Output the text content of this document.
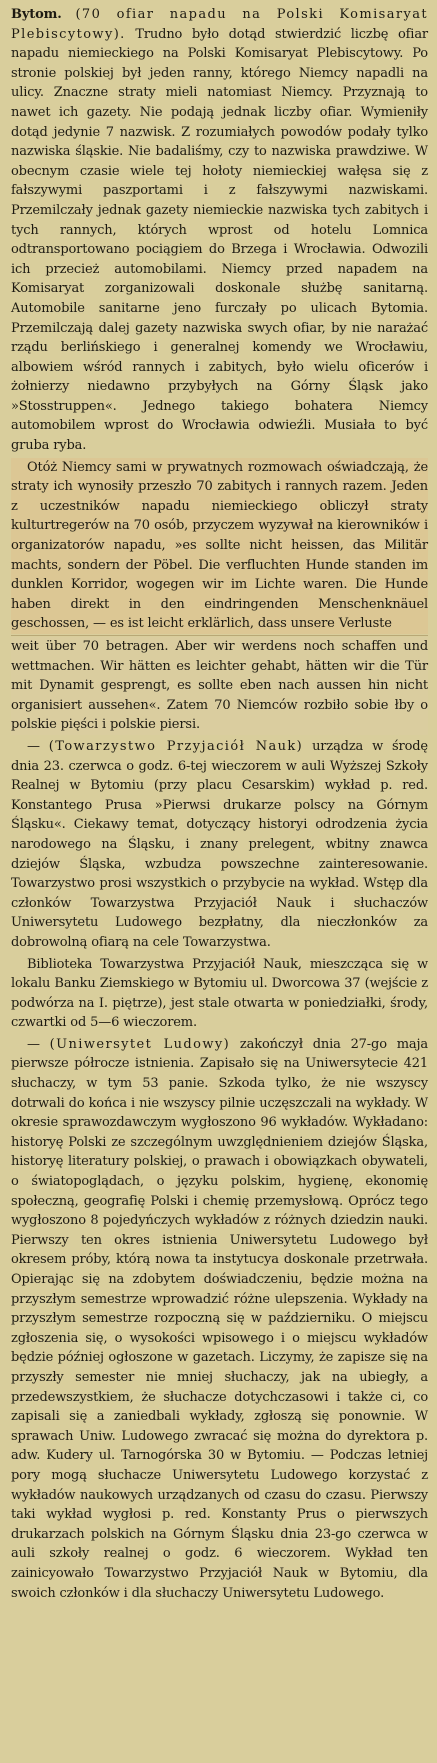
Bytom. (70 ofiar napadu na Polski Komisaryat Plebiscytowy). Trudno było dotąd stwierdzić liczbę ofiar napadu niemieckiego na Polski Komisaryat Plebiscytowy. Po stronie polskiej był jeden ranny, którego Niemcy napadli na ulicy. Znaczne straty mieli natomiast Niemcy. Przyznają to nawet ich gazety. Nie podają jednak liczby ofiar. Wymieniły dotąd jedynie 7 nazwisk. Z rozumiałych powodów podały tylko nazwiska śląskie. Nie badaliśmy, czy to nazwiska prawdziwe. W obecnym czasie wiele tej hołoty niemieckiej wałęsa się z fałszywymi paszportami i z fałszywymi nazwiskami. Przemilczały jednak gazety niemieckie nazwiska tych zabitych i tych rannych, których wprost od hotelu Lomnica odtransportowano pociągiem do Brzega i Wrocławia. Odwozili ich przecież automobilami. Niemcy przed napadem na Komisaryat zorganizowali doskonale służbę sanitarną. Automobile sanitarne jeno furczały po ulicach Bytomia. Przemilczają dalej gazety nazwiska swych ofiar, by nie narażać rządu berlińskiego i generalnej komendy we Wrocławiu, albowiem wśród rannych i zabitych, było wielu oficerów i żołnierzy niedawno przybyłych na Górny Śląsk jako »Stosstruppen«. Jednego takiego bohatera Niemcy automobilem wprost do Wrocławia odwieźli. Musiała to być gruba ryba.

Otóż Niemcy sami w prywatnych rozmowach oświadczają, że straty ich wynosiły przeszło 70 zabitych i rannych razem. Jeden z uczestników napadu niemieckiego obliczył straty kulturtregerów na 70 osób, przyczem wyzywał na kierowników i organizatorów napadu, »es sollte nicht heissen, das Militär machts, sondern der Pöbel. Die verfluchten Hunde standen im dunklen Korridor, wogegen wir im Lichte waren. Die Hunde haben direkt in den eindringenden Menschenknäuel geschossen, — es ist leicht erklärlich, dass unsere Verluste

weit über 70 betragen. Aber wir werdens noch schaffen und wettmachen. Wir hätten es leichter gehabt, hätten wir die Tür mit Dynamit gesprengt, es sollte eben nach aussen hin nicht organisiert aussehen«. Zatem 70 Niemców rozbiło sobie łby o polskie pięści i polskie piersi.

— (Towarzystwo Przyjaciół Nauk) urządza w środę dnia 23. czerwca o godz. 6-tej wieczorem w auli Wyższej Szkoły Realnej w Bytomiu (przy placu Cesarskim) wykład p. red. Konstantego Prusa »Pierwsi drukarze polscy na Górnym Śląsku«. Ciekawy temat, dotyczący historyi odrodzenia życia narodowego na Śląsku, i znany prelegent, wbitny znawca dziejów Śląska, wzbudza powszechne zainteresowanie. Towarzystwo prosi wszystkich o przybycie na wykład. Wstęp dla członków Towarzystwa Przyjaciół Nauk i słuchaczów Uniwersytetu Ludowego bezpłatny, dla nieczłonków za dobrowolną ofiarą na cele Towarzystwa.

Biblioteka Towarzystwa Przyjaciół Nauk, mieszcząca się w lokalu Banku Ziemskiego w Bytomiu ul. Dworcowa 37 (wejście z podwórza na I. piętrze), jest stale otwarta w poniedziałki, środy, czwartki od 5—6 wieczorem.

— (Uniwersytet Ludowy) zakończył dnia 27-go maja pierwsze półrocze istnienia. Zapisało się na Uniwersytecie 421 słuchaczy, w tym 53 panie. Szkoda tylko, że nie wszyscy dotrwali do końca i nie wszyscy pilnie uczęszczali na wykłady. W okresie sprawozdawczym wygłoszono 96 wykładów. Wykładano: historyę Polski ze szczególnym uwzględnieniem dziejów Śląska, historyę literatury polskiej, o prawach i obowiązkach obywateli, o światopoglądach, o języku polskim, hygienę, ekonomię społeczną, geografię Polski i chemię przemysłową. Oprócz tego wygłoszono 8 pojedyńczych wykładów z różnych dziedzin nauki. Pierwszy ten okres istnienia Uniwersytetu Ludowego był okresem próby, którą nowa ta instytucya doskonale przetrwała. Opierając się na zdobytem doświadczeniu, będzie można na przyszłym semestrze wprowadzić różne ulepszenia. Wykłady na przyszłym semestrze rozpoczną się w październiku. O miejscu zgłoszenia się, o wysokości wpisowego i o miejscu wykładów będzie później ogłoszone w gazetach. Liczymy, że zapisze się na przyszły semester nie mniej słuchaczy, jak na ubiegły, a przedewszystkiem, że słuchacze dotychczasowi i także ci, co zapisali się a zaniedbali wykłady, zgłoszą się ponownie. W sprawach Uniw. Ludowego zwracać się można do dyrektora p. adw. Kudery ul. Tarnogórska 30 w Bytomiu. — Podczas letniej pory mogą słuchacze Uniwersytetu Ludowego korzystać z wykładów naukowych urządzanych od czasu do czasu. Pierwszy taki wykład wygłosi p. red. Konstanty Prus o pierwszych drukarzach polskich na Górnym Śląsku dnia 23-go czerwca w auli szkoły realnej o godz. 6 wieczorem. Wykład ten zainicyowało Towarzystwo Przyjaciół Nauk w Bytomiu, dla swoich członków i dla słuchaczy Uniwersytetu Ludowego.
